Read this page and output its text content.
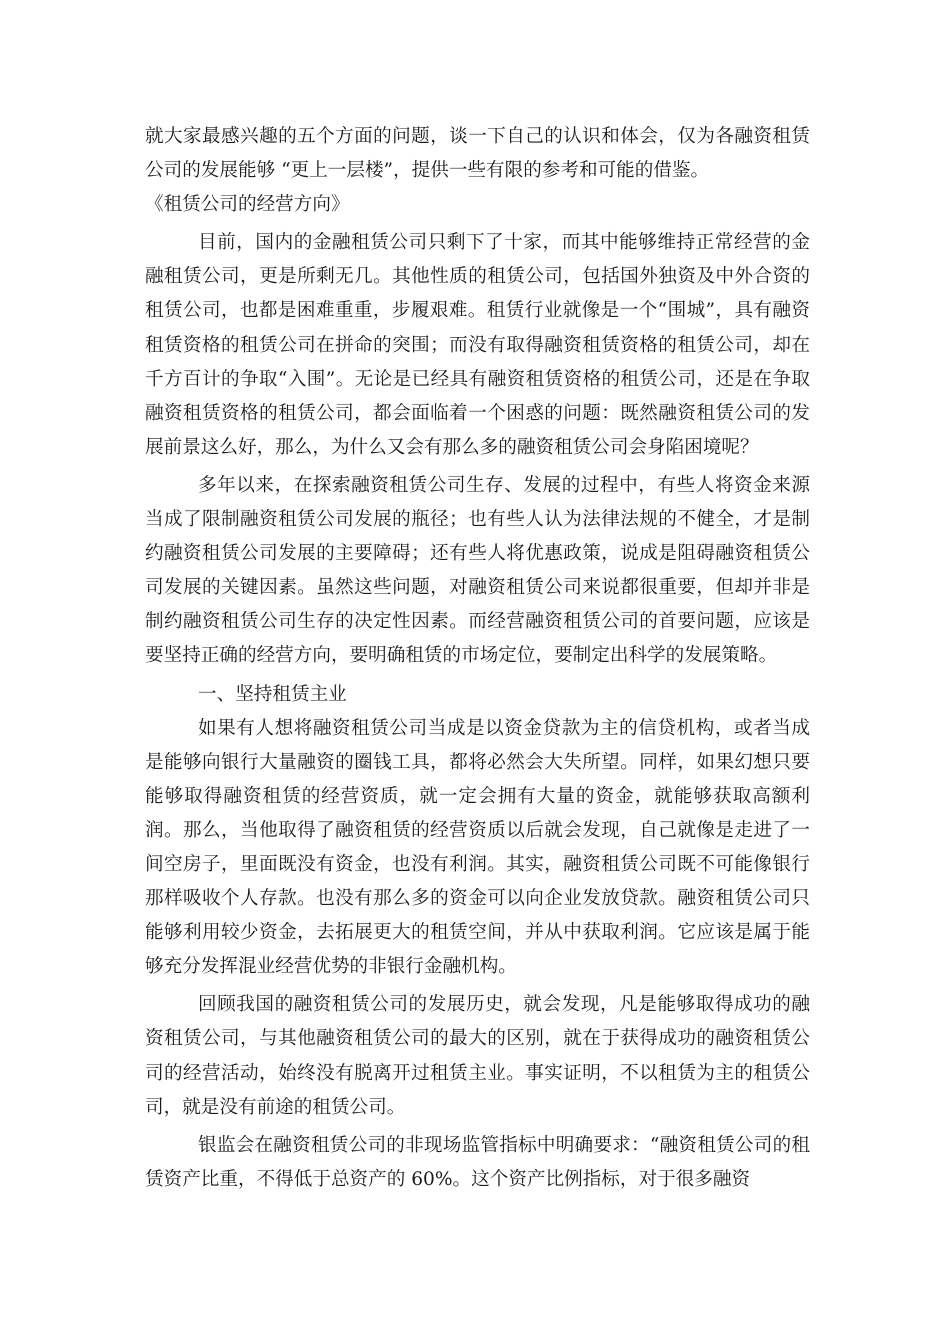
就大家最感兴趣的五个方面的问题，谈一下自己的认识和体会，仅为各融资租赁公司的发展能够 “更上一层楼”，提供一些有限的参考和可能的借鉴。

《租赁公司的经营方向》

目前，国内的金融租赁公司只剩下了十家，而其中能够维持正常经营的金融租赁公司，更是所剩无几。其他性质的租赁公司，包括国外独资及中外合资的租赁公司，也都是困难重重，步履艰难。租赁行业就像是一个“围城”，具有融资租赁资格的租赁公司在拼命的突围；而没有取得融资租赁资格的租赁公司，却在千方百计的争取“入围”。无论是已经具有融资租赁资格的租赁公司，还是在争取融资租赁资格的租赁公司，都会面临着一个困惑的问题：既然融资租赁公司的发展前景这么好，那么，为什么又会有那么多的融资租赁公司会身陷困境呢？

多年以来，在探索融资租赁公司生存、发展的过程中，有些人将资金来源当成了限制融资租赁公司发展的瓶径；也有些人认为法律法规的不健全，才是制约融资租赁公司发展的主要障碍；还有些人将优惠政策，说成是阻碍融资租赁公司发展的关键因素。虽然这些问题，对融资租赁公司来说都很重要，但却并非是制约融资租赁公司生存的决定性因素。而经营融资租赁公司的首要问题，应该是要坚持正确的经营方向，要明确租赁的市场定位，要制定出科学的发展策略。

一、坚持租赁主业

如果有人想将融资租赁公司当成是以资金贷款为主的信贷机构，或者当成是能够向银行大量融资的圈钱工具，都将必然会大失所望。同样，如果幻想只要能够取得融资租赁的经营资质，就一定会拥有大量的资金，就能够获取高额利润。那么，当他取得了融资租赁的经营资质以后就会发现，自己就像是走进了一间空房子，里面既没有资金，也没有利润。其实，融资租赁公司既不可能像银行那样吸收个人存款。也没有那么多的资金可以向企业发放贷款。融资租赁公司只能够利用较少资金，去拓展更大的租赁空间，并从中获取利润。它应该是属于能够充分发挥混业经营优势的非银行金融机构。

回顾我国的融资租赁公司的发展历史，就会发现，凡是能够取得成功的融资租赁公司，与其他融资租赁公司的最大的区别，就在于获得成功的融资租赁公司的经营活动，始终没有脱离开过租赁主业。事实证明，不以租赁为主的租赁公司，就是没有前途的租赁公司。

银监会在融资租赁公司的非现场监管指标中明确要求：“融资租赁公司的租赁资产比重，不得低于总资产的 60%。这个资产比例指标，对于很多融资
